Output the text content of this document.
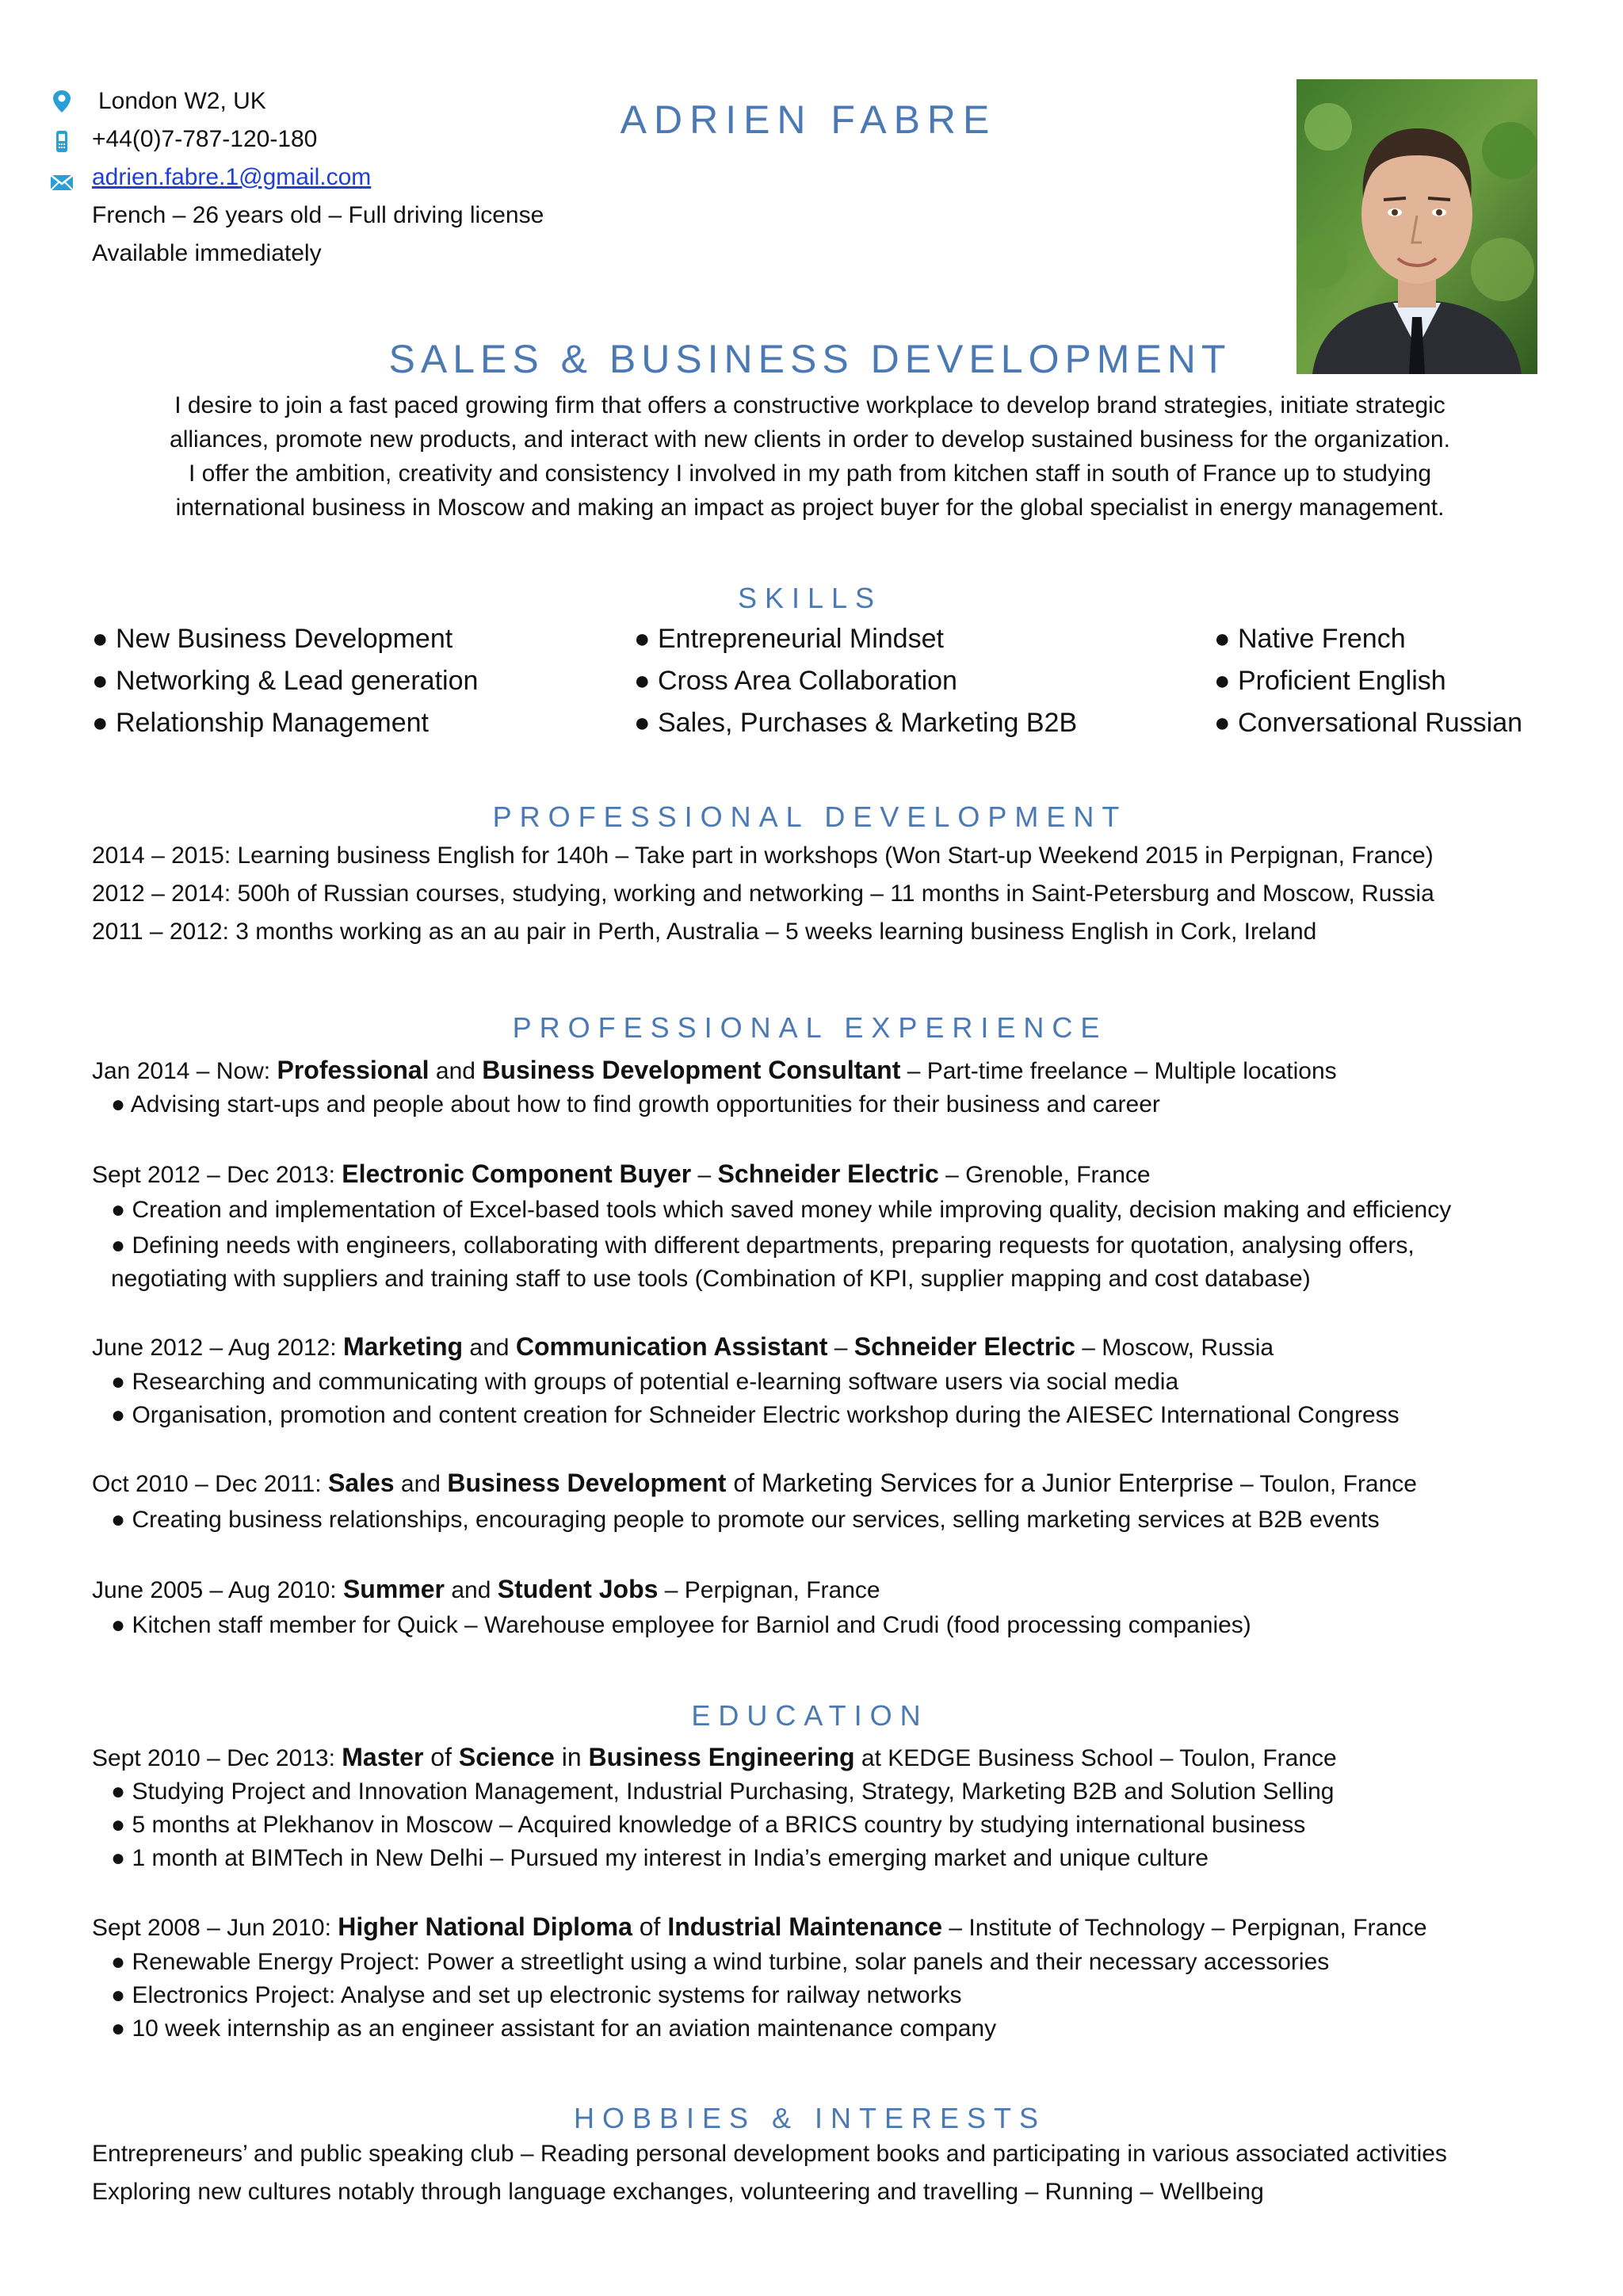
London W2, UK
+44(0)7-787-120-180
adrien.fabre.1@gmail.com
French – 26 years old – Full driving license
Available immediately
ADRIEN FABRE
SALES & BUSINESS DEVELOPMENT
I desire to join a fast paced growing firm that offers a constructive workplace to develop brand strategies, initiate strategic
alliances, promote new products, and interact with new clients in order to develop sustained business for the organization.
I offer the ambition, creativity and consistency I involved in my path from kitchen staff in south of France up to studying
international business in Moscow and making an impact as project buyer for the global specialist in energy management.
SKILLS
● New Business Development
● Networking & Lead generation
● Relationship Management
● Entrepreneurial Mindset
● Cross Area Collaboration
● Sales, Purchases & Marketing B2B
● Native French
● Proficient English
● Conversational Russian
PROFESSIONAL DEVELOPMENT
2014 – 2015: Learning business English for 140h – Take part in workshops (Won Start-up Weekend 2015 in Perpignan, France)
2012 – 2014: 500h of Russian courses, studying, working and networking – 11 months in Saint-Petersburg and Moscow, Russia
2011 – 2012: 3 months working as an au pair in Perth, Australia – 5 weeks learning business English in Cork, Ireland
PROFESSIONAL EXPERIENCE
Jan 2014 – Now: Professional and Business Development Consultant – Part-time freelance – Multiple locations
● Advising start-ups and people about how to find growth opportunities for their business and career
Sept 2012 – Dec 2013: Electronic Component Buyer – Schneider Electric – Grenoble, France
● Creation and implementation of Excel-based tools which saved money while improving quality, decision making and efficiency
● Defining needs with engineers, collaborating with different departments, preparing requests for quotation, analysing offers,
negotiating with suppliers and training staff to use tools (Combination of KPI, supplier mapping and cost database)
June 2012 – Aug 2012: Marketing and Communication Assistant – Schneider Electric – Moscow, Russia
● Researching and communicating with groups of potential e-learning software users via social media
● Organisation, promotion and content creation for Schneider Electric workshop during the AIESEC International Congress
Oct 2010 – Dec 2011: Sales and Business Development of Marketing Services for a Junior Enterprise – Toulon, France
● Creating business relationships, encouraging people to promote our services, selling marketing services at B2B events
June 2005 – Aug 2010: Summer and Student Jobs – Perpignan, France
● Kitchen staff member for Quick – Warehouse employee for Barniol and Crudi (food processing companies)
EDUCATION
Sept 2010 – Dec 2013: Master of Science in Business Engineering at KEDGE Business School – Toulon, France
● Studying Project and Innovation Management, Industrial Purchasing, Strategy, Marketing B2B and Solution Selling
● 5 months at Plekhanov in Moscow – Acquired knowledge of a BRICS country by studying international business
● 1 month at BIMTech in New Delhi – Pursued my interest in India’s emerging market and unique culture
Sept 2008 – Jun 2010: Higher National Diploma of Industrial Maintenance – Institute of Technology – Perpignan, France
● Renewable Energy Project: Power a streetlight using a wind turbine, solar panels and their necessary accessories
● Electronics Project: Analyse and set up electronic systems for railway networks
● 10 week internship as an engineer assistant for an aviation maintenance company
HOBBIES & INTERESTS
Entrepreneurs’ and public speaking club – Reading personal development books and participating in various associated activities
Exploring new cultures notably through language exchanges, volunteering and travelling – Running – Wellbeing
